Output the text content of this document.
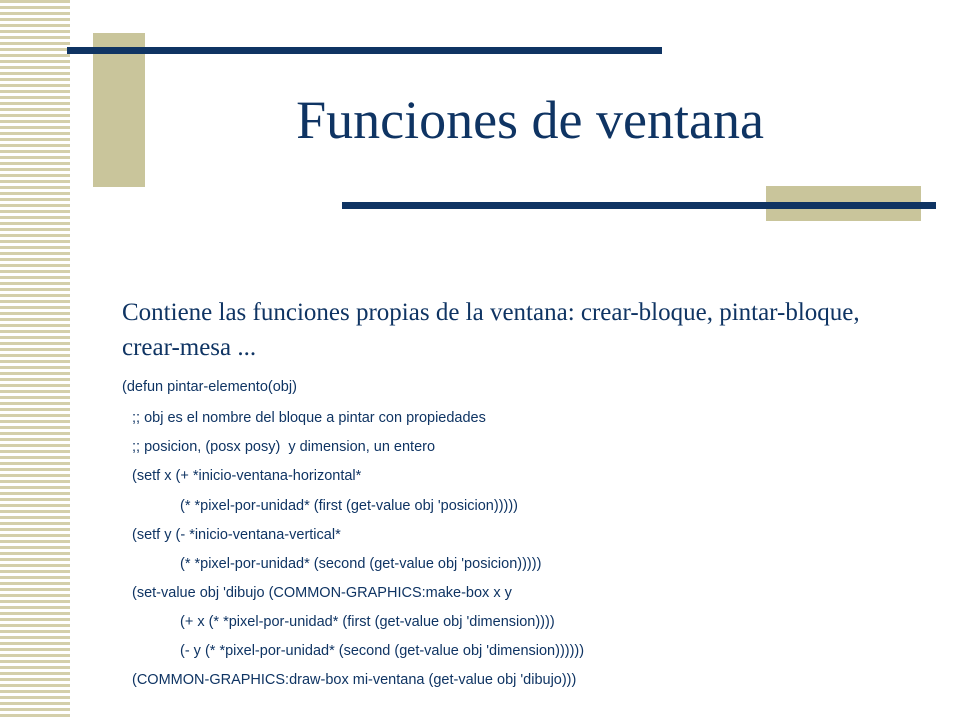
Funciones de ventana

Contiene las funciones propias de la ventana: crear-bloque, pintar-bloque, crear-mesa ...

(defun pintar-elemento(obj)

;; obj es el nombre del bloque a pintar con propiedades

;; posicion, (posx posy)  y dimension, un entero

(setf x (+ *inicio-ventana-horizontal*

(* *pixel-por-unidad* (first (get-value obj 'posicion)))))

(setf y (- *inicio-ventana-vertical*

(* *pixel-por-unidad* (second (get-value obj 'posicion)))))

(set-value obj 'dibujo (COMMON-GRAPHICS:make-box x y

(+ x (* *pixel-por-unidad* (first (get-value obj 'dimension))))

(- y (* *pixel-por-unidad* (second (get-value obj 'dimension))))))

(COMMON-GRAPHICS:draw-box mi-ventana (get-value obj 'dibujo)))
